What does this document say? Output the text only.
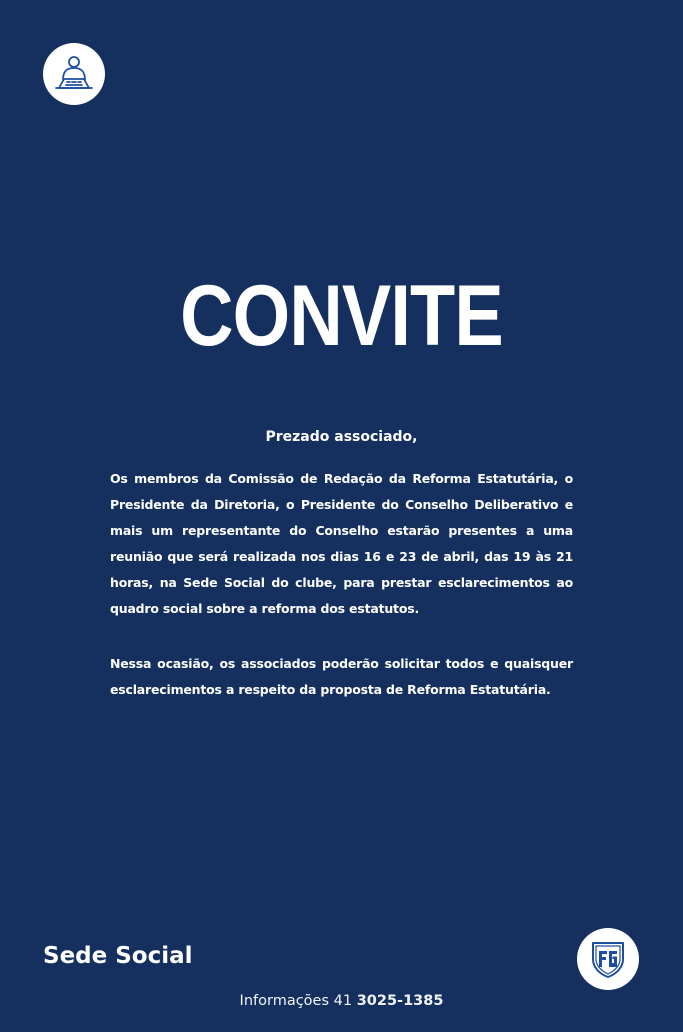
CONVITE
Prezado associado,
Os membros da Comissão de Redação da Reforma Estatutária, o Presidente da Diretoria, o Presidente do Conselho Deliberativo e mais um representante do Conselho estarão presentes a uma reunião que será realizada nos dias 16 e 23 de abril, das 19 às 21 horas, na Sede Social do clube, para prestar esclarecimentos ao quadro social sobre a reforma dos estatutos.
Nessa ocasião, os associados poderão solicitar todos e quaisquer esclarecimentos a respeito da proposta de Reforma Estatutária.
Sede Social
Informações 41 3025-1385
